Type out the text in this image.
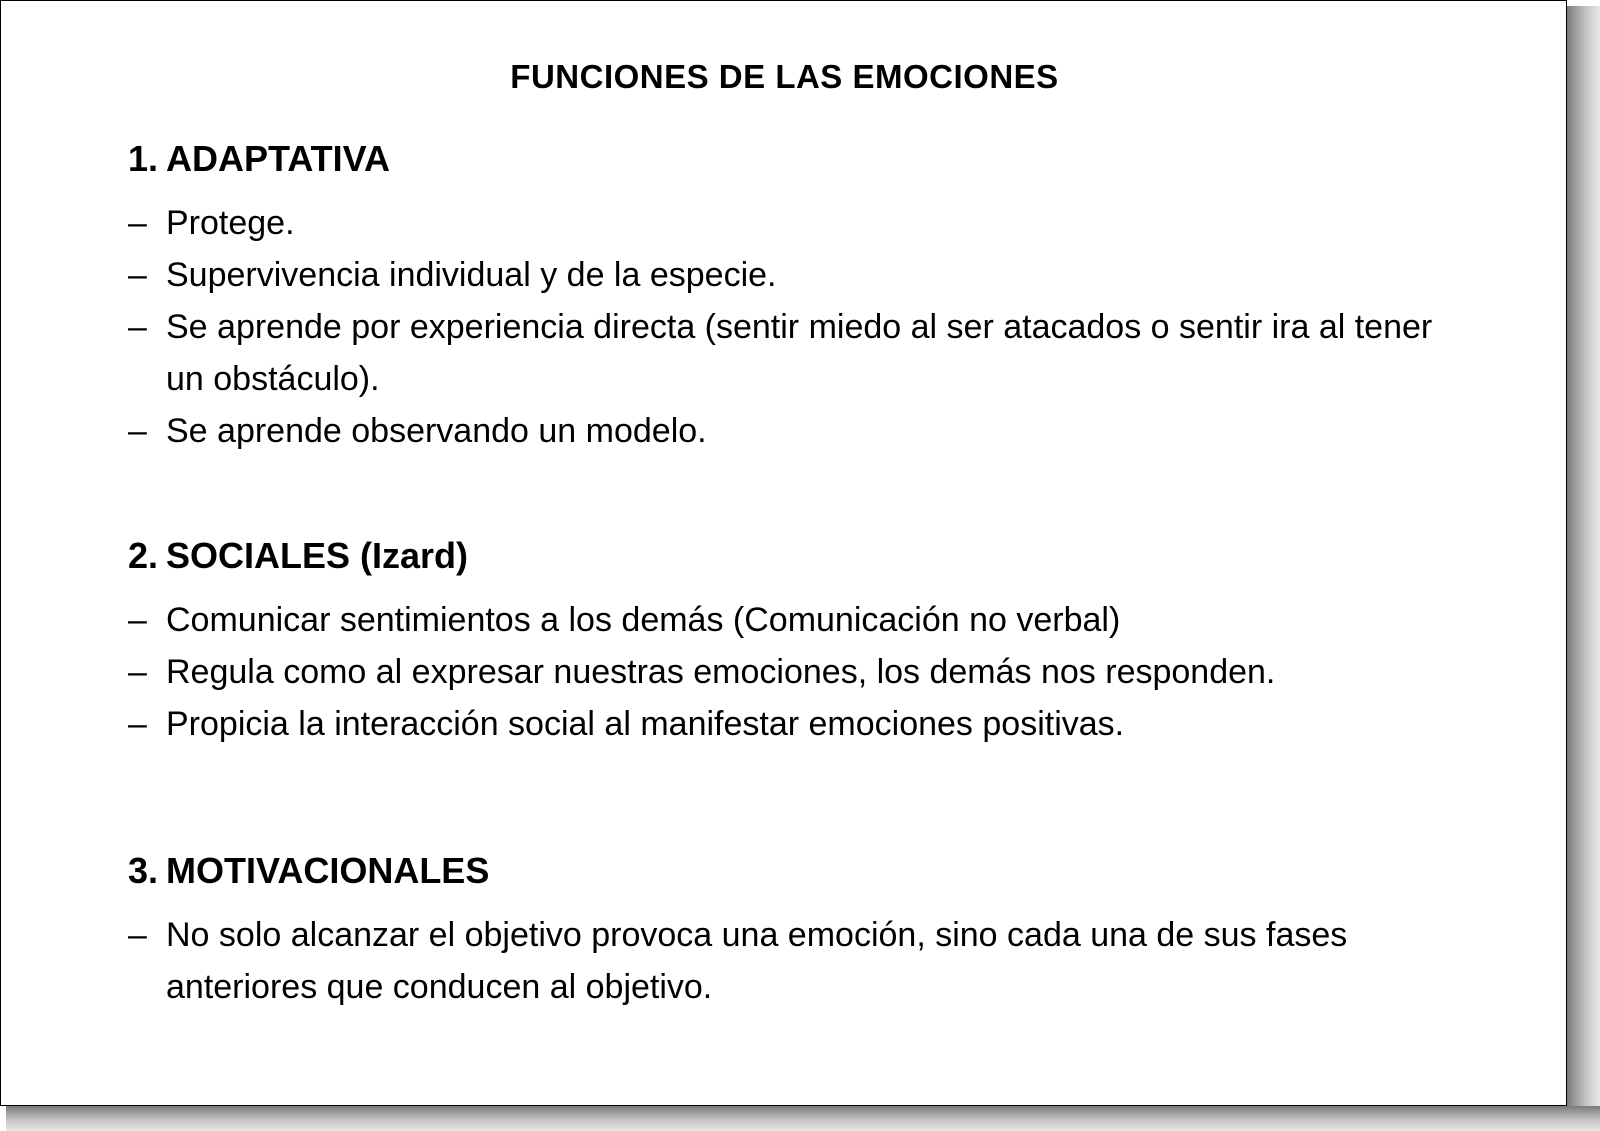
FUNCIONES DE LAS EMOCIONES
1. ADAPTATIVA
– Protege.
– Supervivencia individual y de la especie.
– Se aprende por experiencia directa (sentir miedo al ser atacados o sentir ira al tener un obstáculo).
– Se aprende observando un modelo.
2. SOCIALES (Izard)
– Comunicar sentimientos a los demás (Comunicación no verbal)
– Regula como al expresar nuestras emociones, los demás nos responden.
– Propicia la interacción social al manifestar emociones positivas.
3. MOTIVACIONALES
– No solo alcanzar el objetivo provoca una emoción, sino cada una de sus fases anteriores que conducen al objetivo.
